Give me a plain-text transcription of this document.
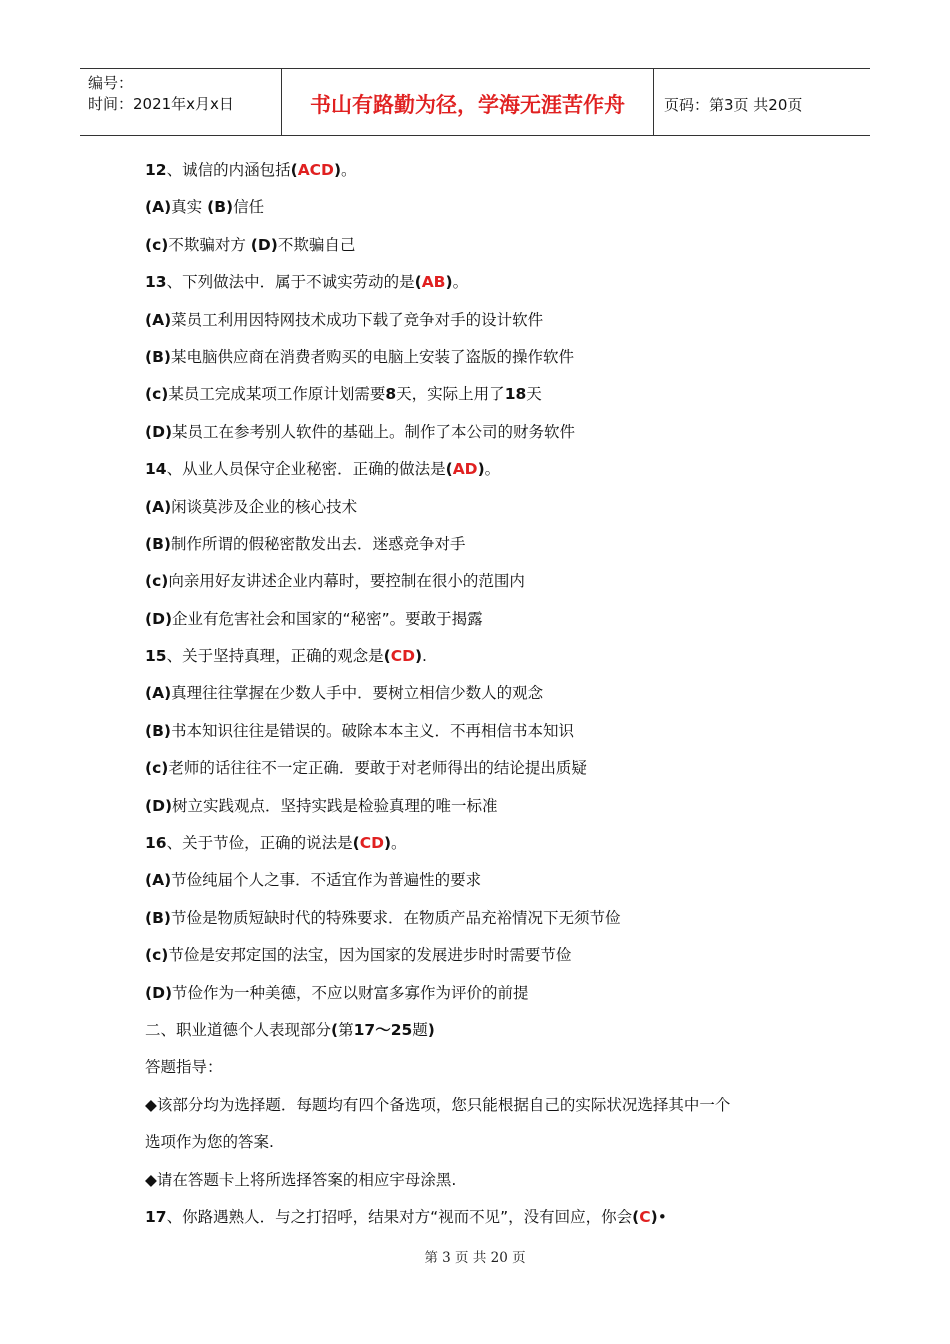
编号：
时间：2021年x月x日	书山有路勤为径，学海无涯苦作舟	页码：第3页 共20页
12、诚信的内涵包括(ACD)。
(A)真实 (B)信任
(c)不欺骗对方 (D)不欺骗自己
13、下列做法中．属于不诚实劳动的是(AB)。
(A)菜员工利用因特网技术成功下载了竞争对手的设计软件
(B)某电脑供应商在消费者购买的电脑上安装了盗版的操作软件
(c)某员工完成某项工作原计划需要8天，实际上用了18天
(D)某员工在参考别人软件的基础上。制作了本公司的财务软件
14、从业人员保守企业秘密．正确的做法是(AD)。
(A)闲谈莫涉及企业的核心技术
(B)制作所谓的假秘密散发出去．迷惑竞争对手
(c)向亲用好友讲述企业内幕时，要控制在很小的范围内
(D)企业有危害社会和国家的“秘密”。要敢于揭露
15、关于坚持真理，正确的观念是(CD).
(A)真理往往掌握在少数人手中．要树立相信少数人的观念
(B)书本知识往往是错误的。破除本本主义．不再相信书本知识
(c)老师的话往往不一定正确．要敢于对老师得出的结论提出质疑
(D)树立实践观点．坚持实践是检验真理的唯一标准
16、关于节俭，正确的说法是(CD)。
(A)节俭纯届个人之事．不适宜作为普遍性的要求
(B)节俭是物质短缺时代的特殊要求．在物质产品充裕情况下无须节俭
(c)节俭是安邦定国的法宝，因为国家的发展进步时时需要节俭
(D)节俭作为一种美德，不应以财富多寡作为评价的前提
二、职业道德个人表现部分(第17～25题)
答题指导：
◆该部分均为选择题．每题均有四个备选项，您只能根据自己的实际状况选择其中一个
选项作为您的答案.
◆请在答题卡上将所选择答案的相应宇母涂黑.
17、你路遇熟人．与之打招呼，结果对方“视而不见”，没有回应，你会(C)•
第 3 页 共 20 页
